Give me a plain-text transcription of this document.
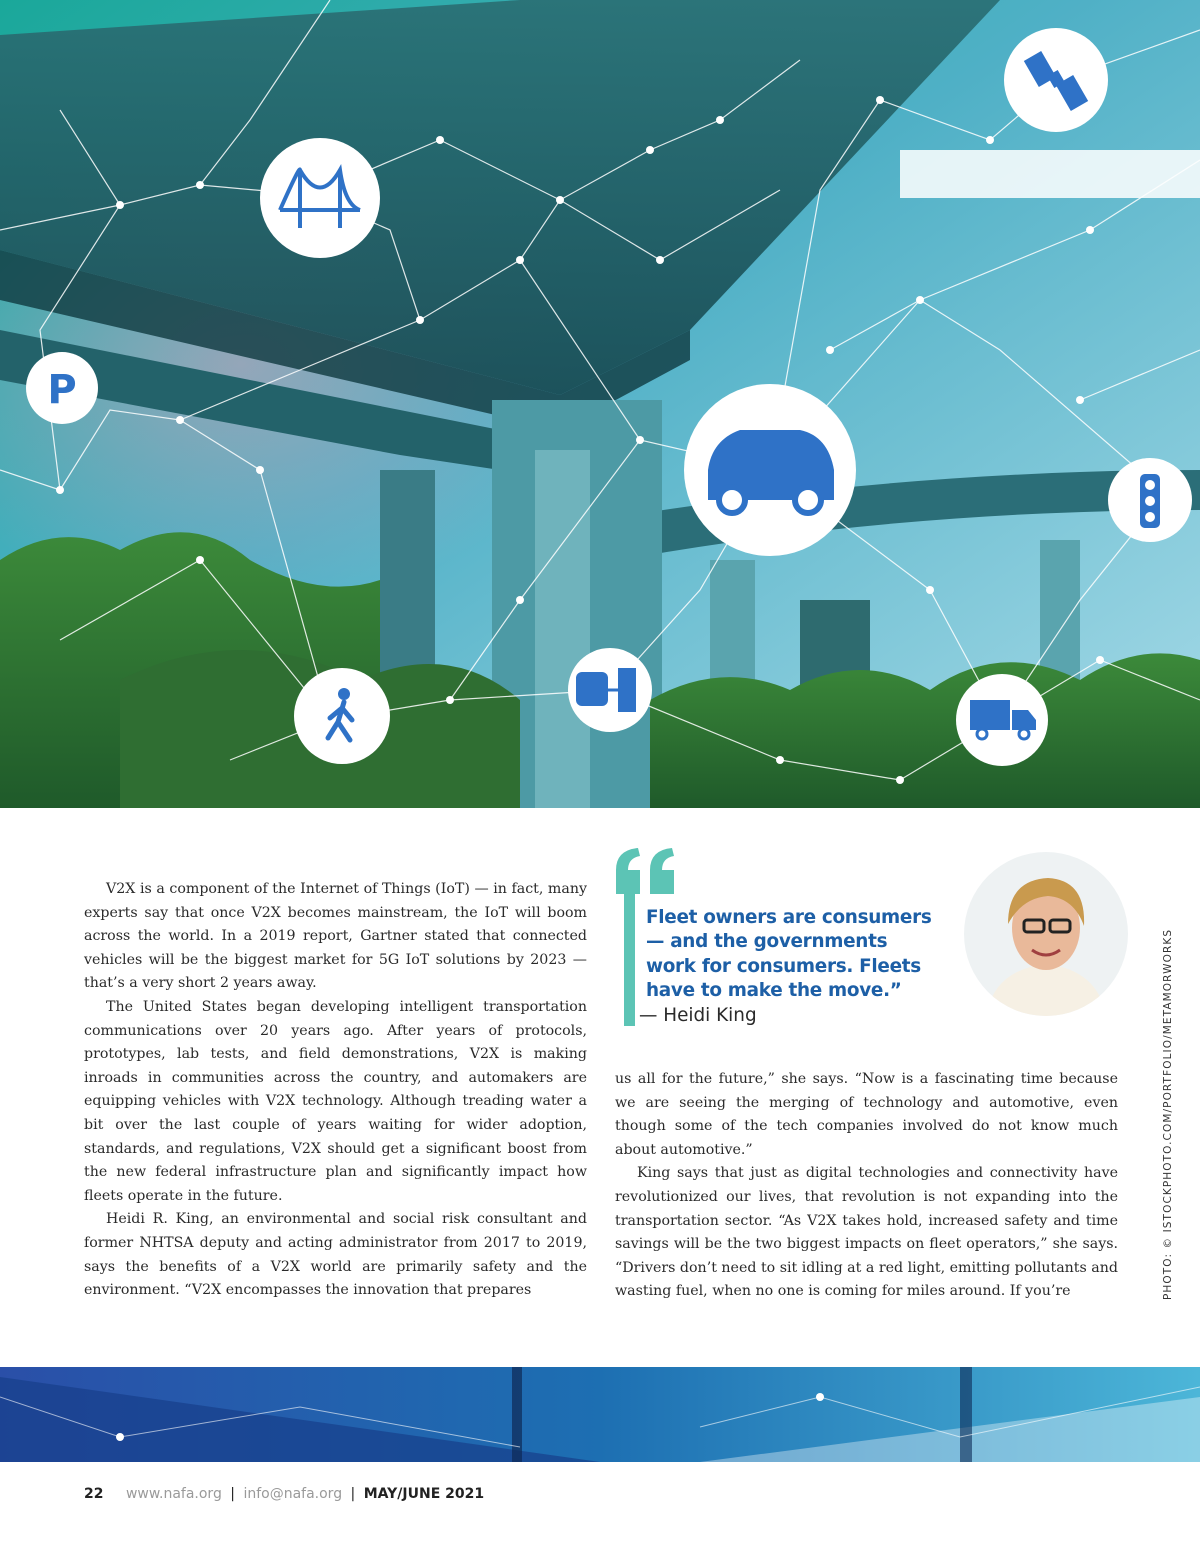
P

V2X is a component of the Internet of Things (IoT) — in fact, many experts say that once V2X becomes mainstream, the IoT will boom across the world. In a 2019 report, Gartner stated that connected vehicles will be the biggest market for 5G IoT solutions by 2023 — that’s a very short 2 years away.

The United States began developing intelligent transportation communications over 20 years ago. After years of protocols, prototypes, lab tests, and field demonstrations, V2X is making inroads in communities across the country, and automakers are equipping vehicles with V2X technology. Although treading water a bit over the last couple of years waiting for wider adoption, standards, and regulations, V2X should get a significant boost from the new federal infrastructure plan and significantly impact how fleets operate in the future.

Heidi R. King, an environmental and social risk consultant and former NHTSA deputy and acting administrator from 2017 to 2019, says the benefits of a V2X world are primarily safety and the environment. “V2X encompasses the innovation that prepares

Fleet owners are consumers
— and the governments
work for consumers. Fleets
have to make the move.”
— Heidi King

us all for the future,” she says. “Now is a fascinating time because we are seeing the merging of technology and automotive, even though some of the tech companies involved do not know much about automotive.”

King says that just as digital technologies and connectivity have revolutionized our lives, that revolution is not expanding into the transportation sector. “As V2X takes hold, increased safety and time savings will be the two biggest impacts on fleet operators,” she says. “Drivers don’t need to sit idling at a red light, emitting pollutants and wasting fuel, when no one is coming for miles around. If you’re	PHOTO: © ISTOCKPHOTO.COM/PORTFOLIO/METAMORWORKS
22 www.nafa.org | info@nafa.org | MAY/JUNE 2021
